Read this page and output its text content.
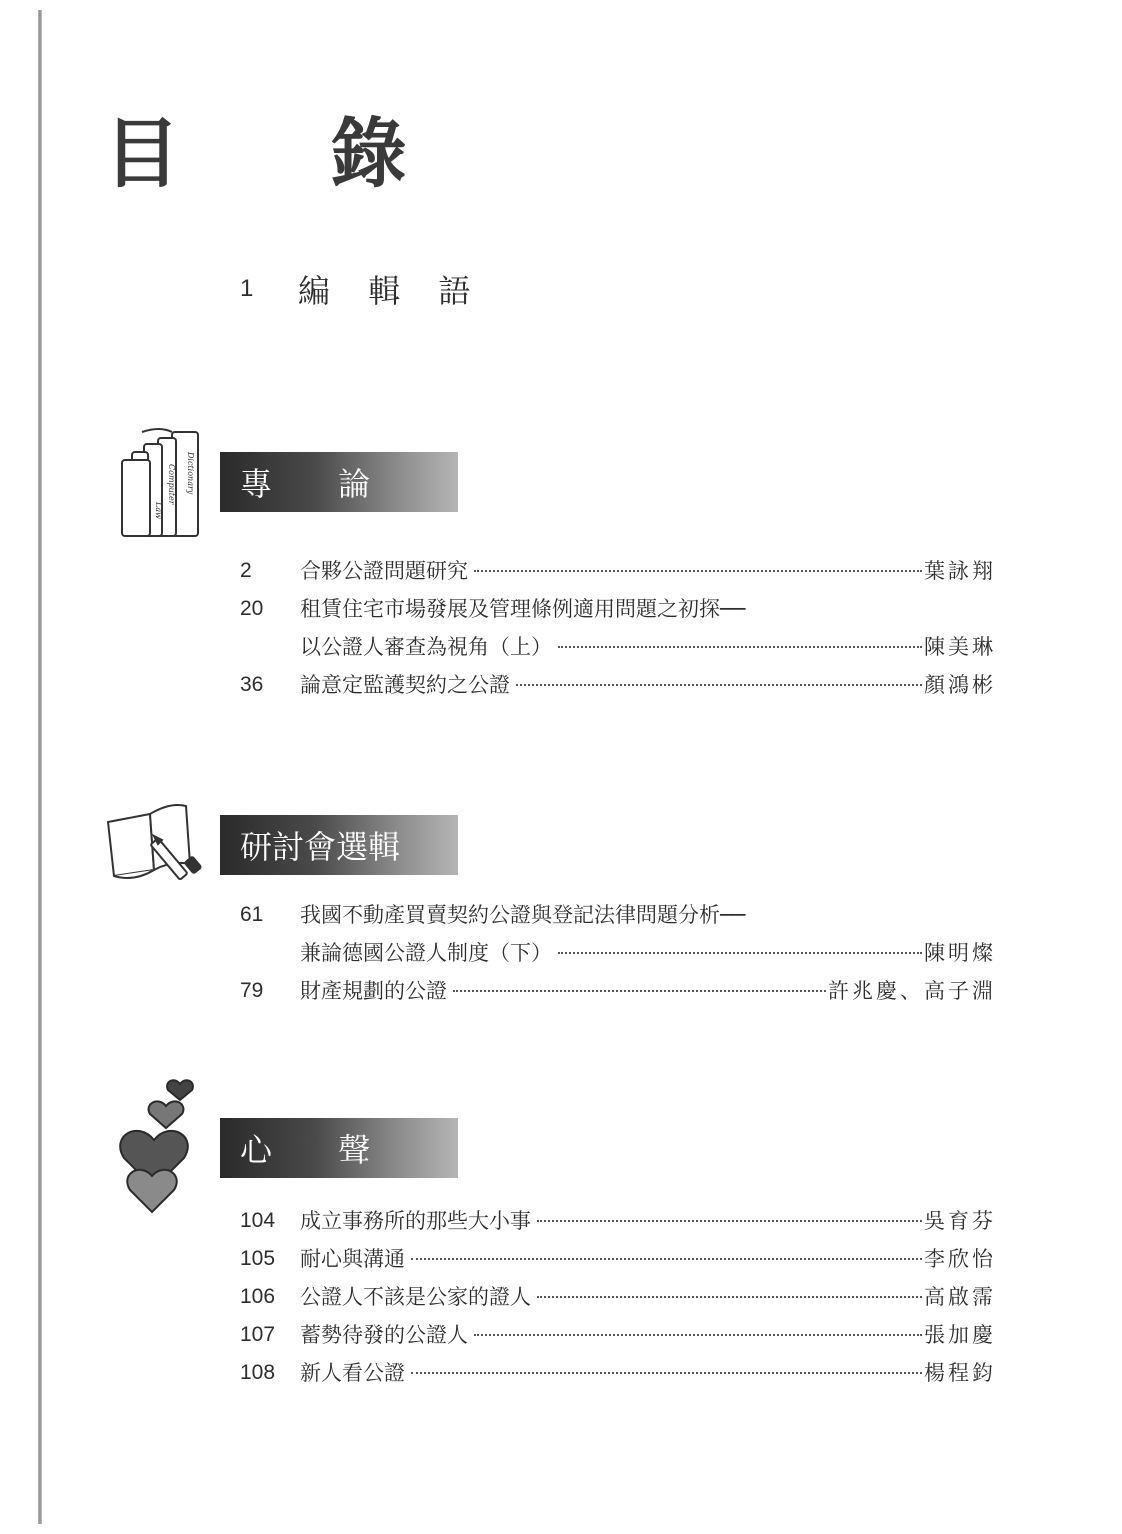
目 錄
1	編 輯 語
Dictionary
Computer
Law
專 論
2	合夥公證問題研究	葉詠翔
20	租賃住宅市場發展及管理條例適用問題之初探──
以公證人審查為視角（上）	陳美琳
36	論意定監護契約之公證	顏鴻彬
研討會選輯
61	我國不動產買賣契約公證與登記法律問題分析──
兼論德國公證人制度（下）	陳明燦
79	財產規劃的公證	許兆慶、高子淵
心 聲
104	成立事務所的那些大小事	吳育芬
105	耐心與溝通	李欣怡
106	公證人不該是公家的證人	高啟霈
107	蓄勢待發的公證人	張加慶
108	新人看公證	楊程鈞
